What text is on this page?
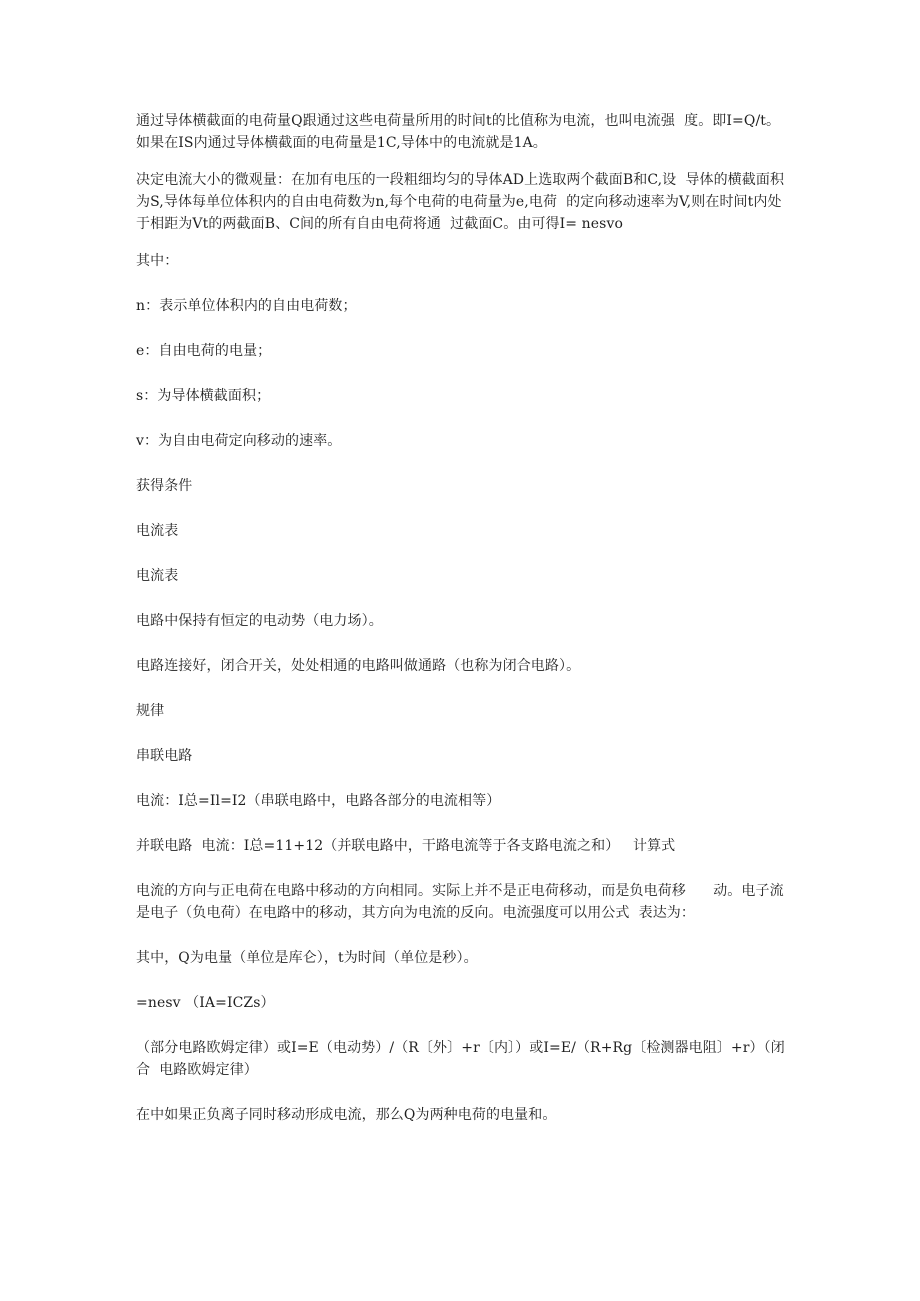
通过导体横截面的电荷量Q跟通过这些电荷量所用的时间t的比值称为电流，也叫电流强  度。即I=Q/t。如果在IS内通过导体横截面的电荷量是1C,导体中的电流就是1A。

决定电流大小的微观量：在加有电压的一段粗细均匀的导体AD上选取两个截面B和C,设  导体的横截面积为S,导体每单位体积内的自由电荷数为n,每个电荷的电荷量为e,电荷  的定向移动速率为V,则在时间t内处于相距为Vt的两截面B、C间的所有自由电荷将通  过截面C。由可得I= nesvo

其中：

n：表示单位体积内的自由电荷数；

e：自由电荷的电量；

s：为导体横截面积；

v：为自由电荷定向移动的速率。

获得条件

电流表

电流表

电路中保持有恒定的电动势（电力场）。

电路连接好，闭合开关，处处相通的电路叫做通路（也称为闭合电路）。

规律

串联电路

电流：I总=Il=I2（串联电路中，电路各部分的电流相等）

并联电路  电流：I总=11+12（并联电路中，干路电流等于各支路电流之和）   计算式

电流的方向与正电荷在电路中移动的方向相同。实际上并不是正电荷移动，而是负电荷移      动。电子流是电子（负电荷）在电路中的移动，其方向为电流的反向。电流强度可以用公式  表达为：

其中，Q为电量（单位是库仑），t为时间（单位是秒）。

=nesv （IA=ICZs）

（部分电路欧姆定律）或I=E（电动势）/（R〔外〕+r〔内〕）或I=E/（R+Rg〔检测器电阻〕+r）（闭合  电路欧姆定律）

在中如果正负离子同时移动形成电流，那么Q为两种电荷的电量和。
